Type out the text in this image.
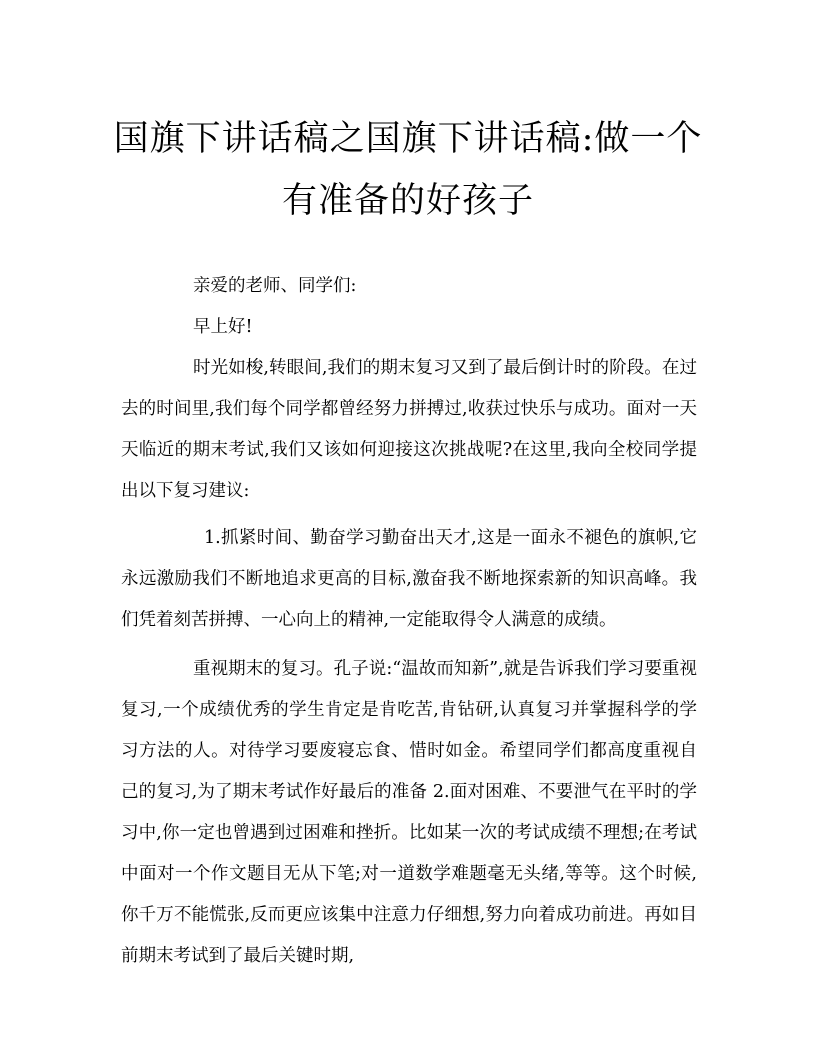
国旗下讲话稿之国旗下讲话稿:做一个
有准备的好孩子

亲爱的老师、同学们:

早上好!

时光如梭,转眼间,我们的期末复习又到了最后倒计时的阶段。在过去的时间里,我们每个同学都曾经努力拼搏过,收获过快乐与成功。面对一天天临近的期末考试,我们又该如何迎接这次挑战呢?在这里,我向全校同学提出以下复习建议:

1.抓紧时间、勤奋学习勤奋出天才,这是一面永不褪色的旗帜,它永远激励我们不断地追求更高的目标,激奋我不断地探索新的知识高峰。我们凭着刻苦拼搏、一心向上的精神,一定能取得令人满意的成绩。

重视期末的复习。孔子说:“温故而知新”,就是告诉我们学习要重视复习,一个成绩优秀的学生肯定是肯吃苦,肯钻研,认真复习并掌握科学的学习方法的人。对待学习要废寝忘食、惜时如金。希望同学们都高度重视自己的复习,为了期末考试作好最后的准备 2.面对困难、不要泄气在平时的学习中,你一定也曾遇到过困难和挫折。比如某一次的考试成绩不理想;在考试中面对一个作文题目无从下笔;对一道数学难题毫无头绪,等等。这个时候,你千万不能慌张,反而更应该集中注意力仔细想,努力向着成功前进。再如目前期末考试到了最后关键时期,
